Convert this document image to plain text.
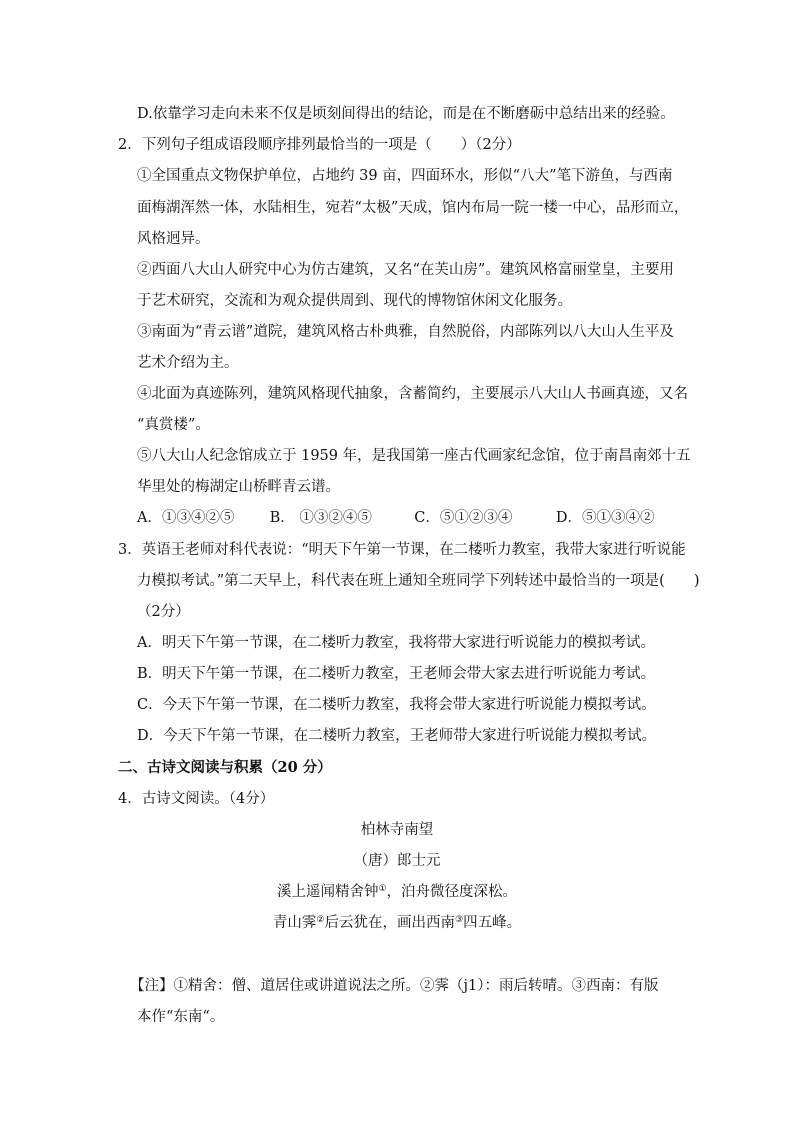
D.依靠学习走向未来不仅是顷刻间得出的结论，而是在不断磨砺中总结出来的经验。
2．下列句子组成语段顺序排列最恰当的一项是（　　）（2分）
①全国重点文物保护单位，占地约 39 亩，四面环水，形似“八大”笔下游鱼，与西南
面梅湖浑然一体，水陆相生，宛若“太极”天成，馆内布局一院一楼一中心，品形而立，
风格迥异。
②西面八大山人研究中心为仿古建筑，又名“在芙山房”。建筑风格富丽堂皇，主要用
于艺术研究，交流和为观众提供周到、现代的博物馆休闲文化服务。
③南面为“青云谱”道院，建筑风格古朴典雅，自然脱俗，内部陈列以八大山人生平及
艺术介绍为主。
④北面为真迹陈列，建筑风格现代抽象，含蓄简约，主要展示八大山人书画真迹，又名
“真赏楼”。
⑤八大山人纪念馆成立于 1959 年，是我国第一座古代画家纪念馆，位于南昌南郊十五
华里处的梅湖定山桥畔青云谱。
A．①③④②⑤ B． ①③②④⑤	C．⑤①②③④	D．⑤①③④②
3．英语王老师对科代表说：“明天下午第一节课，在二楼听力教室，我带大家进行听说能
力模拟考试。”第二天早上，科代表在班上通知全班同学下列转述中最恰当的一项是(　　)
（2分）
A．明天下午第一节课，在二楼听力教室，我将带大家进行听说能力的模拟考试。
B．明天下午第一节课，在二楼听力教室，王老师会带大家去进行听说能力考试。
C．今天下午第一节课，在二楼听力教室，我将会带大家进行听说能力模拟考试。
D．今天下午第一节课，在二楼听力教室，王老师带大家进行听说能力模拟考试。
二、古诗文阅读与积累（20 分）
4．古诗文阅读。（4分）
柏林寺南望
（唐）郎士元
溪上遥闻精舍钟①，泊舟微径度深松。
青山霁②后云犹在，画出西南③四五峰。
【注】①精舍：僧、道居住或讲道说法之所。②霁（j1）：雨后转晴。③西南：有版
本作“东南“。
